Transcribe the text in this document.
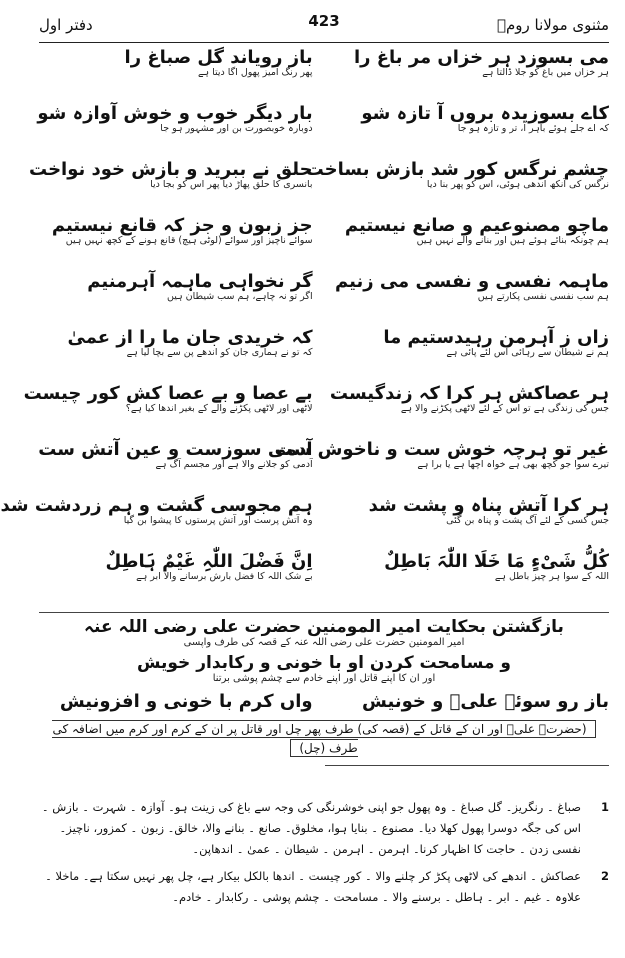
مثنوی مولانا رومؒ
423
دفتر اول
می بسوزد ہر خزاں مر باغ را
ہر خزاں میں باغ کو جلا ڈالتا ہے
باز رویاند گل صباغ را
پھر رنگ آمیز پھول اگا دیتا ہے
کاے بسوزیدہ بروں آ تازہ شو
کہ اے جلے ہوئے باہر آ، تر و تازہ ہو جا
بار دیگر خوب و خوش آوازہ شو
دوبارہ خوبصورت بن اور مشہور ہو جا
چشم نرگس کور شد بازش بساخت
نرگس کی آنکھ اندھی ہوئی، اس کو پھر بنا دیا
حلق نے ببرید و بازش خود نواخت
بانسری کا حلق پھاڑ دیا پھر اس کو بجا دیا
ماچو مصنوعیم و صانع نیستیم
ہم چونکہ بنائے ہوئے ہیں اور بنانے والے نہیں ہیں
جز زبون و جز کہ قانع نیستیم
سوائے ناچیز اور سوائے (لوٹی ہیچ) قانع ہونے کے کچھ نہیں ہیں
ماہمہ نفسی و نفسی می زنیم
ہم سب نفسی نفسی پکارتے ہیں
گر نخواہی ماہمہ آہرمنیم
اگر تو نہ چاہے، ہم سب شیطان ہیں
زاں ز آہرمن رہیدستیم ما
ہم نے شیطان سے رہائی اس لئے پائی ہے
کہ خریدی جان ما را از عمیٰ
کہ تو نے ہماری جان کو اندھے پن سے بچا لیا ہے
ہر عصاکش ہر کرا کہ زندگیست
جس کی زندگی ہے تو اس کے لئے لاٹھی پکڑنے والا ہے
بے عصا و بے عصا کش کور چیست
لاٹھی اور لاٹھی پکڑنے والے کے بغیر اندھا کیا ہے؟
غیر تو ہرچہ خوش ست و ناخوش ست
تیرے سوا جو کچھ بھی ہے خواہ اچھا ہے یا برا ہے
آدمی سوزست و عین آتش ست
آدمی کو جلانے والا ہے اور مجسم آگ ہے
ہر کرا آتش پناہ و پشت شد
جس کسی کے لئے آگ پشت و پناہ بن گئی
ہم مجوسی گشت و ہم زردشت شد
وہ آتش پرست اور آتش پرستوں کا پیشوا بن گیا
کُلُّ شَیْءٍ مَا خَلَا اللّٰہَ بَاطِلٌ
اللہ کے سوا ہر چیز باطل ہے
اِنَّ فَضْلَ اللّٰہِ غَیْمٌ ہَاطِلٌ
بے شک اللہ کا فضل بارش برسانے والا ابر ہے
بازگشتن بحکایت امیر المومنین حضرت علی رضی اللہ عنہ
امیر المومنین حضرت علی رضی اللہ عنہ کے قصہ کی طرف واپسی
و مسامحت کردن او با خونی و رکابدار خویش
اور ان کا اپنے قاتل اور اپنے خادم سے چشم پوشی برتنا
باز رو سوئے علیؓ و خونیش
واں کرم با خونی و افزونیش
(حضرتؓ علیؓ اور ان کے قاتل کے (قصہ کی) طرف پھر چل اور قاتل پر ان کے کرم اور کرم میں اضافہ کی طرف (چل)
1

صباغ ۔ رنگریز۔ گل صباغ ۔ وہ پھول جو اپنی خوشرنگی کی وجہ سے باغ کی زینت ہو۔ آوازہ ۔ شہرت ۔ بازش ۔ اس کی جگہ دوسرا پھول کھلا دیا۔ مصنوع ۔ بنایا ہوا، مخلوق۔ صانع ۔ بنانے والا، خالق۔ زبون ۔ کمزور، ناچیز۔ نفسی زدن ۔ حاجت کا اظہار کرنا۔ اہرمن ۔ اہرمن ۔ شیطان ۔ عمیٰ ۔ اندھاپن۔

2

عصاکش ۔ اندھے کی لاٹھی پکڑ کر چلنے والا ۔ کور چیست ۔ اندھا بالکل بیکار ہے، چل پھر نہیں سکتا ہے۔ ماخلا ۔ علاوہ ۔ غیم ۔ ابر ۔ ہاطل ۔ برسنے والا ۔ مسامحت ۔ چشم پوشی ۔ رکابدار ۔ خادم۔
